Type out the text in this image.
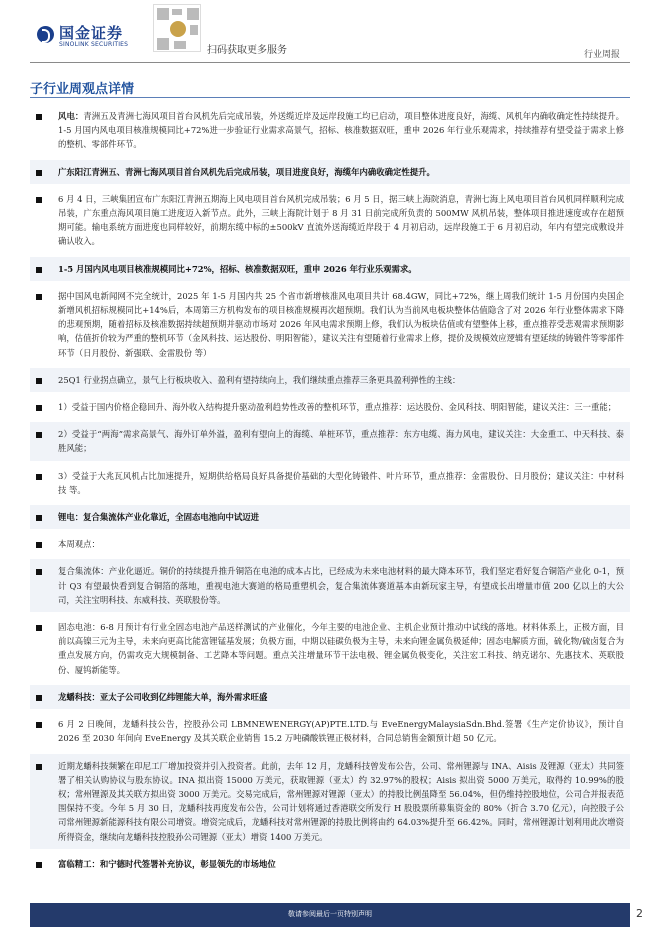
国金证券
SINOLINK SECURITIES
扫码获取更多服务	行业周报
子行业周观点详情
风电：青洲五及青洲七海风项目首台风机先后完成吊装，外送缆近岸及远岸段施工均已启动，项目整体进度良好，海缆、风机年内确收确定性持续提升。1-5 月国内风电项目核准规模同比+72%进一步验证行业需求高景气，招标、核准数据双旺，重申 2026 年行业乐观需求，持续推荐有望受益于需求上修的整机、零部件环节。
广东阳江青洲五、青洲七海风项目首台风机先后完成吊装，项目进度良好，海缆年内确收确定性提升。
6 月 4 日，三峡集团宣布广东阳江青洲五期海上风电项目首台风机完成吊装；6 月 5 日，据三峡上海院消息，青洲七海上风电项目首台风机同样顺利完成吊装，广东重点海风项目施工进度迈入新节点。此外，三峡上海院计划于 8 月 31 日前完成所负责的 500MW 风机吊装，整体项目推进速度或存在超预期可能。输电系统方面进度也同样较好，前期东缆中标的±500kV 直流外送海缆近岸段于 4 月初启动，远岸段施工于 6 月初启动，年内有望完成敷设并确认收入。
1-5 月国内风电项目核准规模同比+72%，招标、核准数据双旺，重申 2026 年行业乐观需求。
据中国风电新闻网不完全统计，2025 年 1-5 月国内共 25 个省市新增核准风电项目共计 68.4GW，同比+72%，继上周我们统计 1-5 月份国内央国企新增风机招标规模同比+14%后，本周第三方机构发布的项目核准规模再次超预期。我们认为当前风电板块整体估值隐含了对 2026 年行业整体需求下降的悲观预期，随着招标及核准数据持续超预期并驱动市场对 2026 年风电需求预期上修，我们认为板块估值或有望整体上移，重点推荐受悲观需求预期影响，估值折价较为严重的整机环节（金风科技、运达股份、明阳智能），建议关注有望随着行业需求上修，提价及规模效应逻辑有望延续的铸锻件等零部件环节（日月股份、新强联、金雷股份 等）
25Q1 行业拐点确立，景气上行板块收入、盈利有望持续向上，我们继续重点推荐三条更具盈利弹性的主线：
1）受益于国内价格企稳回升、海外收入结构提升驱动盈利趋势性改善的整机环节，重点推荐：运达股份、金风科技、明阳智能，建议关注：三一重能；
2）受益于“两海”需求高景气、海外订单外溢，盈利有望向上的海缆、单桩环节，重点推荐：东方电缆、海力风电，建议关注：大金重工、中天科技、泰胜风能；
3）受益于大兆瓦风机占比加速提升，短期供给格局良好具备提价基础的大型化铸锻件、叶片环节，重点推荐：金雷股份、日月股份；建议关注：中材科技 等。
锂电：复合集流体产业化靠近，全固态电池向中试迈进
本周观点：
复合集流体：产业化逼近。铜价的持续提升推升铜箔在电池的成本占比，已经成为未来电池材料的最大降本环节，我们坚定看好复合铜箔产业化 0-1，预计 Q3 有望最快看到复合铜箔的落地，重视电池大赛道的格局重塑机会，复合集流体赛道基本由新玩家主导，有望成长出增量市值 200 亿以上的大公司，关注宝明科技、东威科技、英联股份等。
固态电池：6-8 月预计有行业全固态电池产品送样测试的产业催化，今年主要的电池企业、主机企业预计推动中试线的落地。材料体系上，正极方面，目前以高镍三元为主导，未来向更高比能富锂锰基发展；负极方面，中期以硅碳负极为主导，未来向锂金属负极延伸；固态电解质方面，硫化物/硫卤复合为重点发展方向，仍需攻克大规模制备、工艺降本等问题。重点关注增量环节干法电极、锂金属负极变化，关注宏工科技、纳克诺尔、先惠技术、英联股份、厦钨新能等。
龙蟠科技：亚太子公司收到亿纬锂能大单，海外需求旺盛
6 月 2 日晚间，龙蟠科技公告，控股孙公司 LBMNEWENERGY(AP)PTE.LTD.与 EveEnergyMalaysiaSdn.Bhd.签署《生产定价协议》，预计自 2026 至 2030 年间向 EveEnergy 及其关联企业销售 15.2 万吨磷酸铁锂正极材料，合同总销售金额预计超 50 亿元。
近期龙蟠科技频繁在印尼工厂增加投资并引入投资者。此前，去年 12 月，龙蟠科技曾发布公告，公司、常州锂源与 INA、Aisis 及锂源（亚太）共同签署了相关认购协议与股东协议。INA 拟出资 15000 万美元，获取锂源（亚太）约 32.97%的股权；Aisis 拟出资 5000 万美元，取得约 10.99%的股权；常州锂源及其关联方拟出资 3000 万美元。交易完成后，常州锂源对锂源（亚太）的持股比例虽降至 56.04%，但仍维持控股地位，公司合并报表范围保持不变。今年 5 月 30 日，龙蟠科技再度发布公告，公司计划将通过香港联交所发行 H 股股票所募集资金的 80%（折合 3.70 亿元），向控股子公司常州锂源新能源科技有限公司增资。增资完成后，龙蟠科技对常州锂源的持股比例将由约 64.03%提升至 66.42%。同时，常州锂源计划利用此次增资所得资金，继续向龙蟠科技控股孙公司锂源（亚太）增资 1400 万美元。
富临精工：和宁德时代签署补充协议，彰显领先的市场地位
敬请参阅最后一页特别声明	2
